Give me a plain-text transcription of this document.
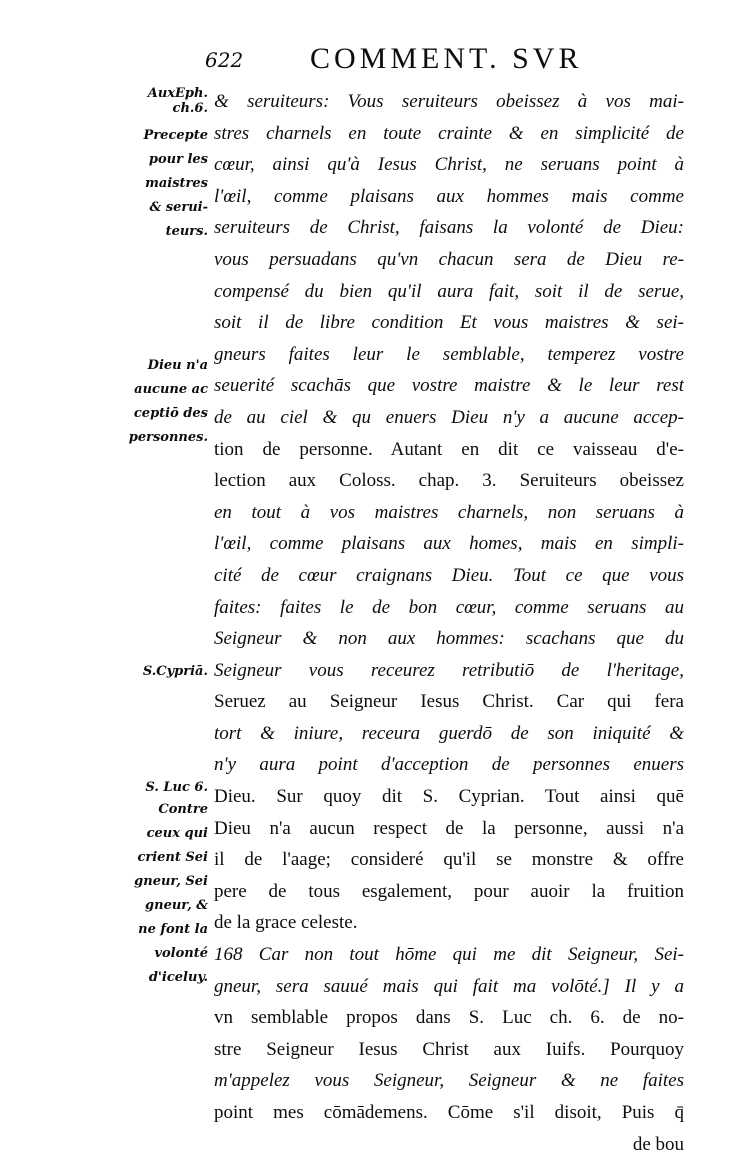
622 COMMENT. SVR
AuxEph.
ch.6.
Precepte
pour les
maistres
& serui-
teurs.
Dieu n'a
aucune ac
ceptiō des
personnes.
S.Cypriā.
S. Luc 6.
Contre
ceux qui
crient Sei
gneur, Sei
gneur, &
ne font la
volonté
d'iceluy.
& seruiteurs: Vous seruiteurs obeissez à vos mai-
stres charnels en toute crainte & en simplicité de
cœur, ainsi qu'à Iesus Christ, ne seruans point à
l'œil, comme plaisans aux hommes mais comme
seruiteurs de Christ, faisans la volonté de Dieu:
vous persuadans qu'vn chacun sera de Dieu re-
compensé du bien qu'il aura fait, soit il de serue,
soit il de libre condition Et vous maistres & sei-
gneurs faites leur le semblable, temperez vostre
seuerité scachās que vostre maistre & le leur rest
de au ciel & qu enuers Dieu n'y a aucune accep-
tion de personne. Autant en dit ce vaisseau d'e-
lection aux Coloss. chap. 3. Seruiteurs obeissez
en tout à vos maistres charnels, non seruans à
l'œil, comme plaisans aux homes, mais en simpli-
cité de cœur craignans Dieu. Tout ce que vous
faites: faites le de bon cœur, comme seruans au
Seigneur & non aux hommes: scachans que du
Seigneur vous receurez retributiō de l'heritage,
Seruez au Seigneur Iesus Christ. Car qui fera
tort & iniure, receura guerdō de son iniquité &
n'y aura point d'acception de personnes enuers
Dieu. Sur quoy dit S. Cyprian. Tout ainsi quē
Dieu n'a aucun respect de la personne, aussi n'a
il de l'aage; consideré qu'il se monstre & offre
pere de tous esgalement, pour auoir la fruition
de la grace celeste.
168 Car non tout hōme qui me dit Seigneur, Sei-
gneur, sera sauué mais qui fait ma volōté.] Il y a
vn semblable propos dans S. Luc ch. 6. de no-
stre Seigneur Iesus Christ aux Iuifs. Pourquoy
m'appelez vous Seigneur, Seigneur & ne faites
point mes cōmādemens. Cōme s'il disoit, Puis q̄
de bou
